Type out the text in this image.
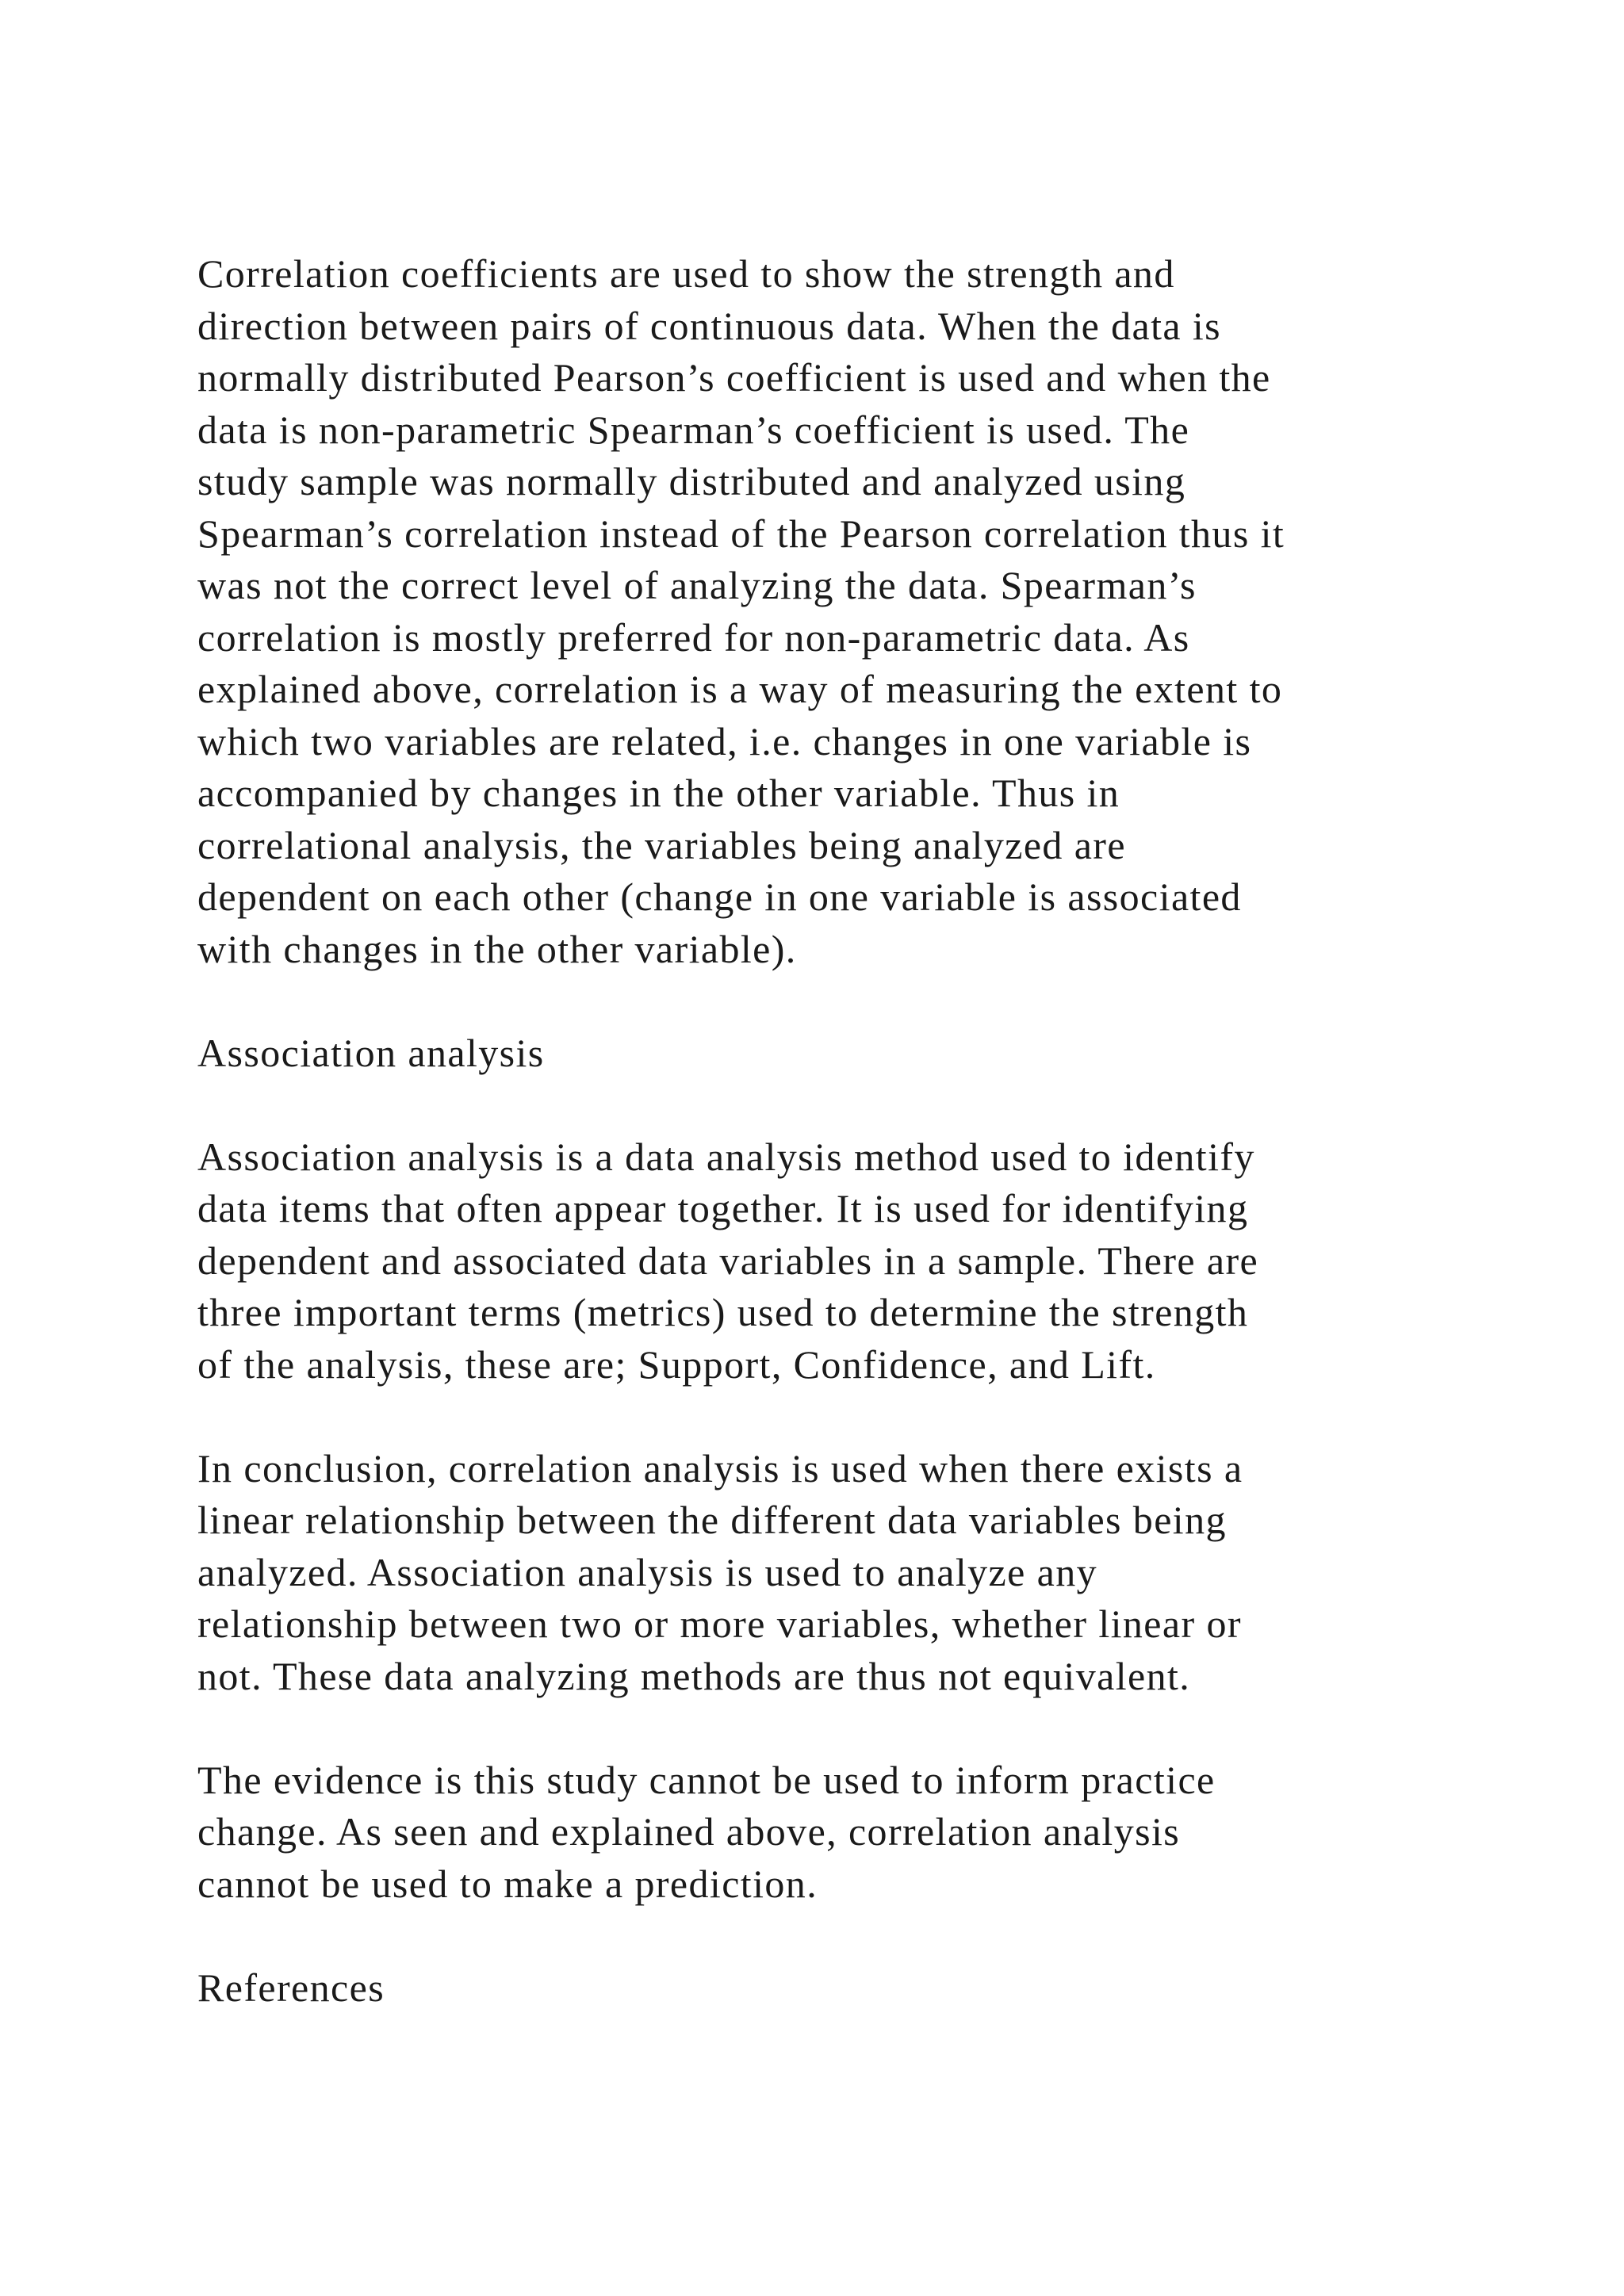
Correlation coefficients are used to show the strength and
direction between pairs of continuous data. When the data is
normally distributed Pearson’s coefficient is used and when the
data is non-parametric Spearman’s coefficient is used. The
study sample was normally distributed and analyzed using
Spearman’s correlation instead of the Pearson correlation thus it
was not the correct level of analyzing the data. Spearman’s
correlation is mostly preferred for non-parametric data. As
explained above, correlation is a way of measuring the extent to
which two variables are related, i.e. changes in one variable is
accompanied by changes in the other variable. Thus in
correlational analysis, the variables being analyzed are
dependent on each other (change in one variable is associated
with changes in the other variable).

Association analysis

Association analysis is a data analysis method used to identify
data items that often appear together. It is used for identifying
dependent and associated data variables in a sample. There are
three important terms (metrics) used to determine the strength
of the analysis, these are; Support, Confidence, and Lift.

In conclusion, correlation analysis is used when there exists a
linear relationship between the different data variables being
analyzed. Association analysis is used to analyze any
relationship between two or more variables, whether linear or
not. These data analyzing methods are thus not equivalent.

The evidence is this study cannot be used to inform practice
change. As seen and explained above, correlation analysis
cannot be used to make a prediction.

References
